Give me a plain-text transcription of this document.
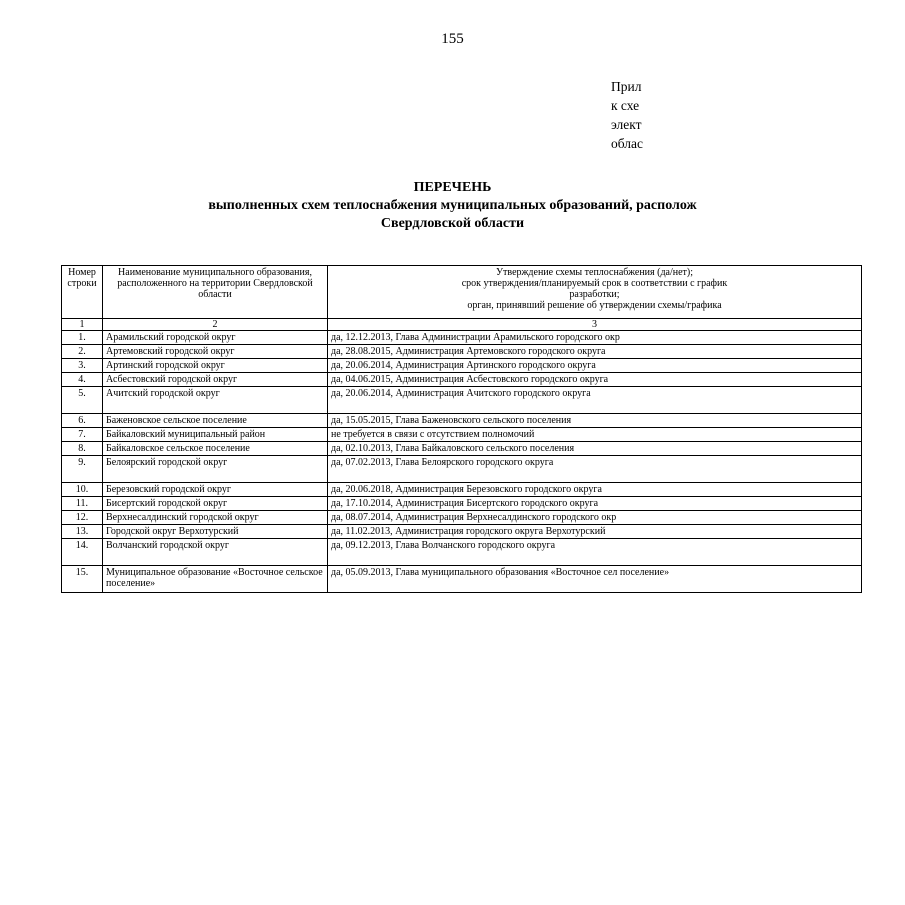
155
Прил
к схе
элект
облас
ПЕРЕЧЕНЬ
выполненных схем теплоснабжения муниципальных образований, располож
Свердловской области
Номер строки	Наименование муниципального образования, расположенного на территории Свердловской области	Утверждение схемы теплоснабжения (да/нет);
срок утверждения/планируемый срок в соответствии с график
разработки;
орган, принявший решение об утверждении схемы/графика

1	2	3
1.	Арамильский городской округ	да, 12.12.2013, Глава Администрации Арамильского городского окр
2.	Артемовский городской округ	да, 28.08.2015, Администрация Артемовского городского округа
3.	Артинский городской округ	да, 20.06.2014, Администрация Артинского городского округа
4.	Асбестовский городской округ	да, 04.06.2015, Администрация Асбестовского городского округа
5.	Ачитский городской округ	да, 20.06.2014, Администрация Ачитского городского округа
6.	Баженовское сельское поселение	да, 15.05.2015, Глава Баженовского сельского поселения
7.	Байкаловский муниципальный район	не требуется в связи с отсутствием полномочий
8.	Байкаловское сельское поселение	да, 02.10.2013, Глава Байкаловского сельского поселения
9.	Белоярский городской округ	да, 07.02.2013, Глава Белоярского городского округа
10.	Березовский городской округ	да, 20.06.2018, Администрация Березовского городского округа
11.	Бисертский городской округ	да, 17.10.2014, Администрация Бисертского городского округа
12.	Верхнесалдинский городской округ	да, 08.07.2014, Администрация Верхнесалдинского городского окр
13.	Городской округ Верхотурский	да, 11.02.2013, Администрация городского округа Верхотурский
14.	Волчанский городской округ	да, 09.12.2013, Глава Волчанского городского округа
15.	Муниципальное образование «Восточное сельское поселение»	да, 05.09.2013, Глава муниципального образования «Восточное сел поселение»
